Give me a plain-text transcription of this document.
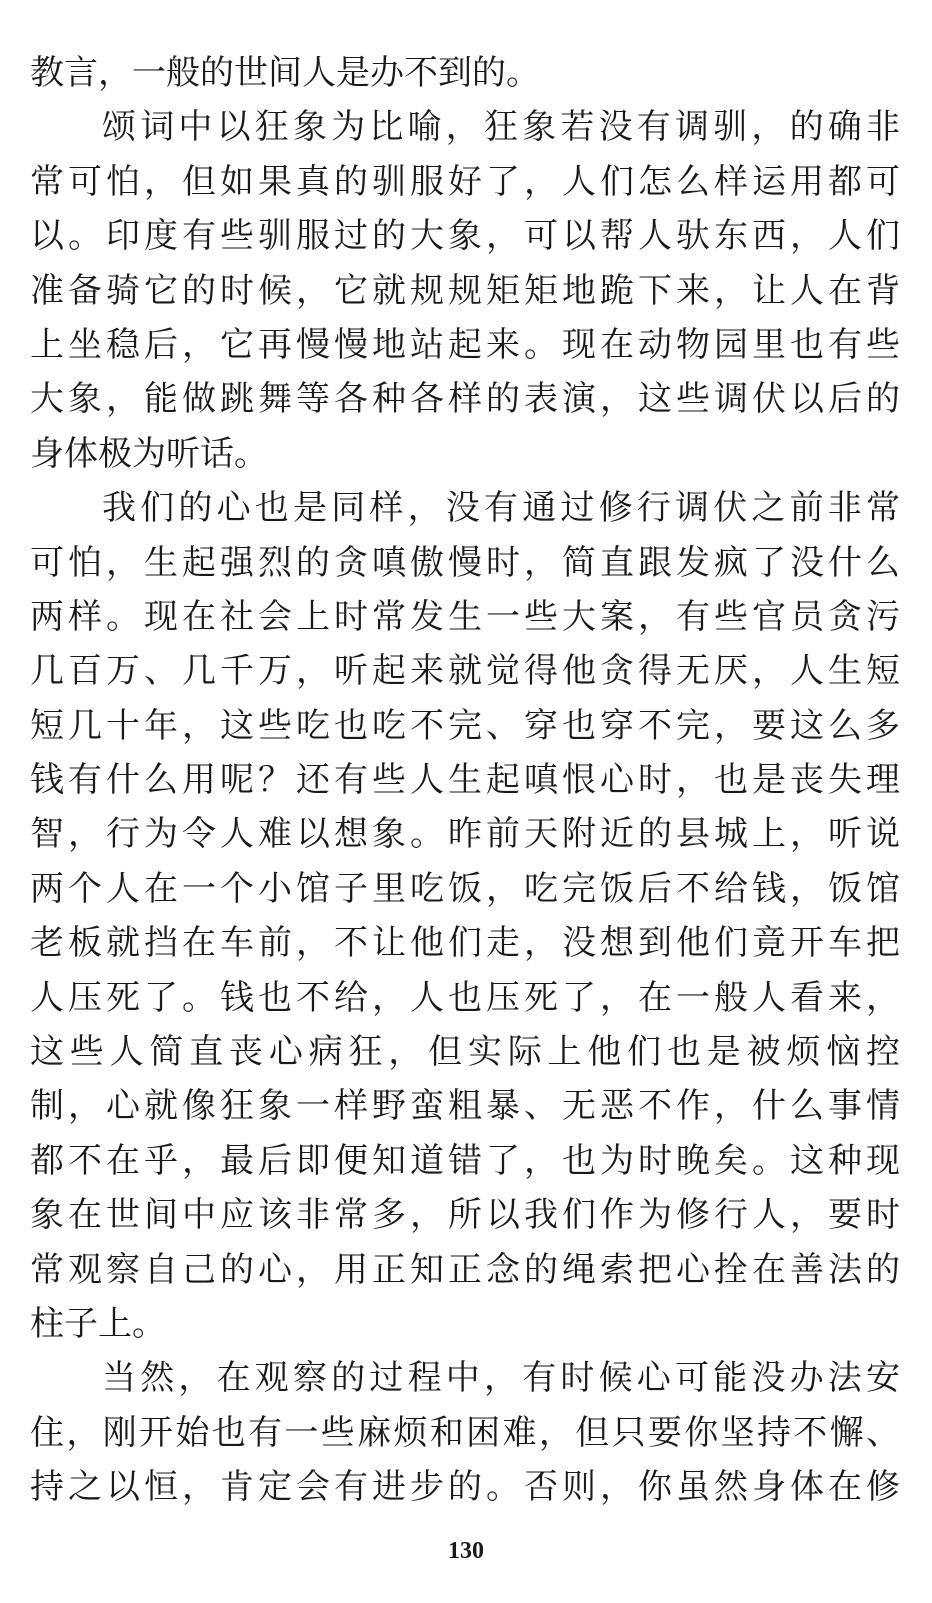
教言，一般的世间人是办不到的。
颂词中以狂象为比喻，狂象若没有调驯，的确非
常可怕，但如果真的驯服好了，人们怎么样运用都可
以。印度有些驯服过的大象，可以帮人驮东西，人们
准备骑它的时候，它就规规矩矩地跪下来，让人在背
上坐稳后，它再慢慢地站起来。现在动物园里也有些
大象，能做跳舞等各种各样的表演，这些调伏以后的
身体极为听话。
我们的心也是同样，没有通过修行调伏之前非常
可怕，生起强烈的贪嗔傲慢时，简直跟发疯了没什么
两样。现在社会上时常发生一些大案，有些官员贪污
几百万、几千万，听起来就觉得他贪得无厌，人生短
短几十年，这些吃也吃不完、穿也穿不完，要这么多
钱有什么用呢？还有些人生起嗔恨心时，也是丧失理
智，行为令人难以想象。昨前天附近的县城上，听说
两个人在一个小馆子里吃饭，吃完饭后不给钱，饭馆
老板就挡在车前，不让他们走，没想到他们竟开车把
人压死了。钱也不给，人也压死了，在一般人看来，
这些人简直丧心病狂，但实际上他们也是被烦恼控
制，心就像狂象一样野蛮粗暴、无恶不作，什么事情
都不在乎，最后即便知道错了，也为时晚矣。这种现
象在世间中应该非常多，所以我们作为修行人，要时
常观察自己的心，用正知正念的绳索把心拴在善法的
柱子上。
当然，在观察的过程中，有时候心可能没办法安
住，刚开始也有一些麻烦和困难，但只要你坚持不懈、
持之以恒，肯定会有进步的。否则，你虽然身体在修
130
